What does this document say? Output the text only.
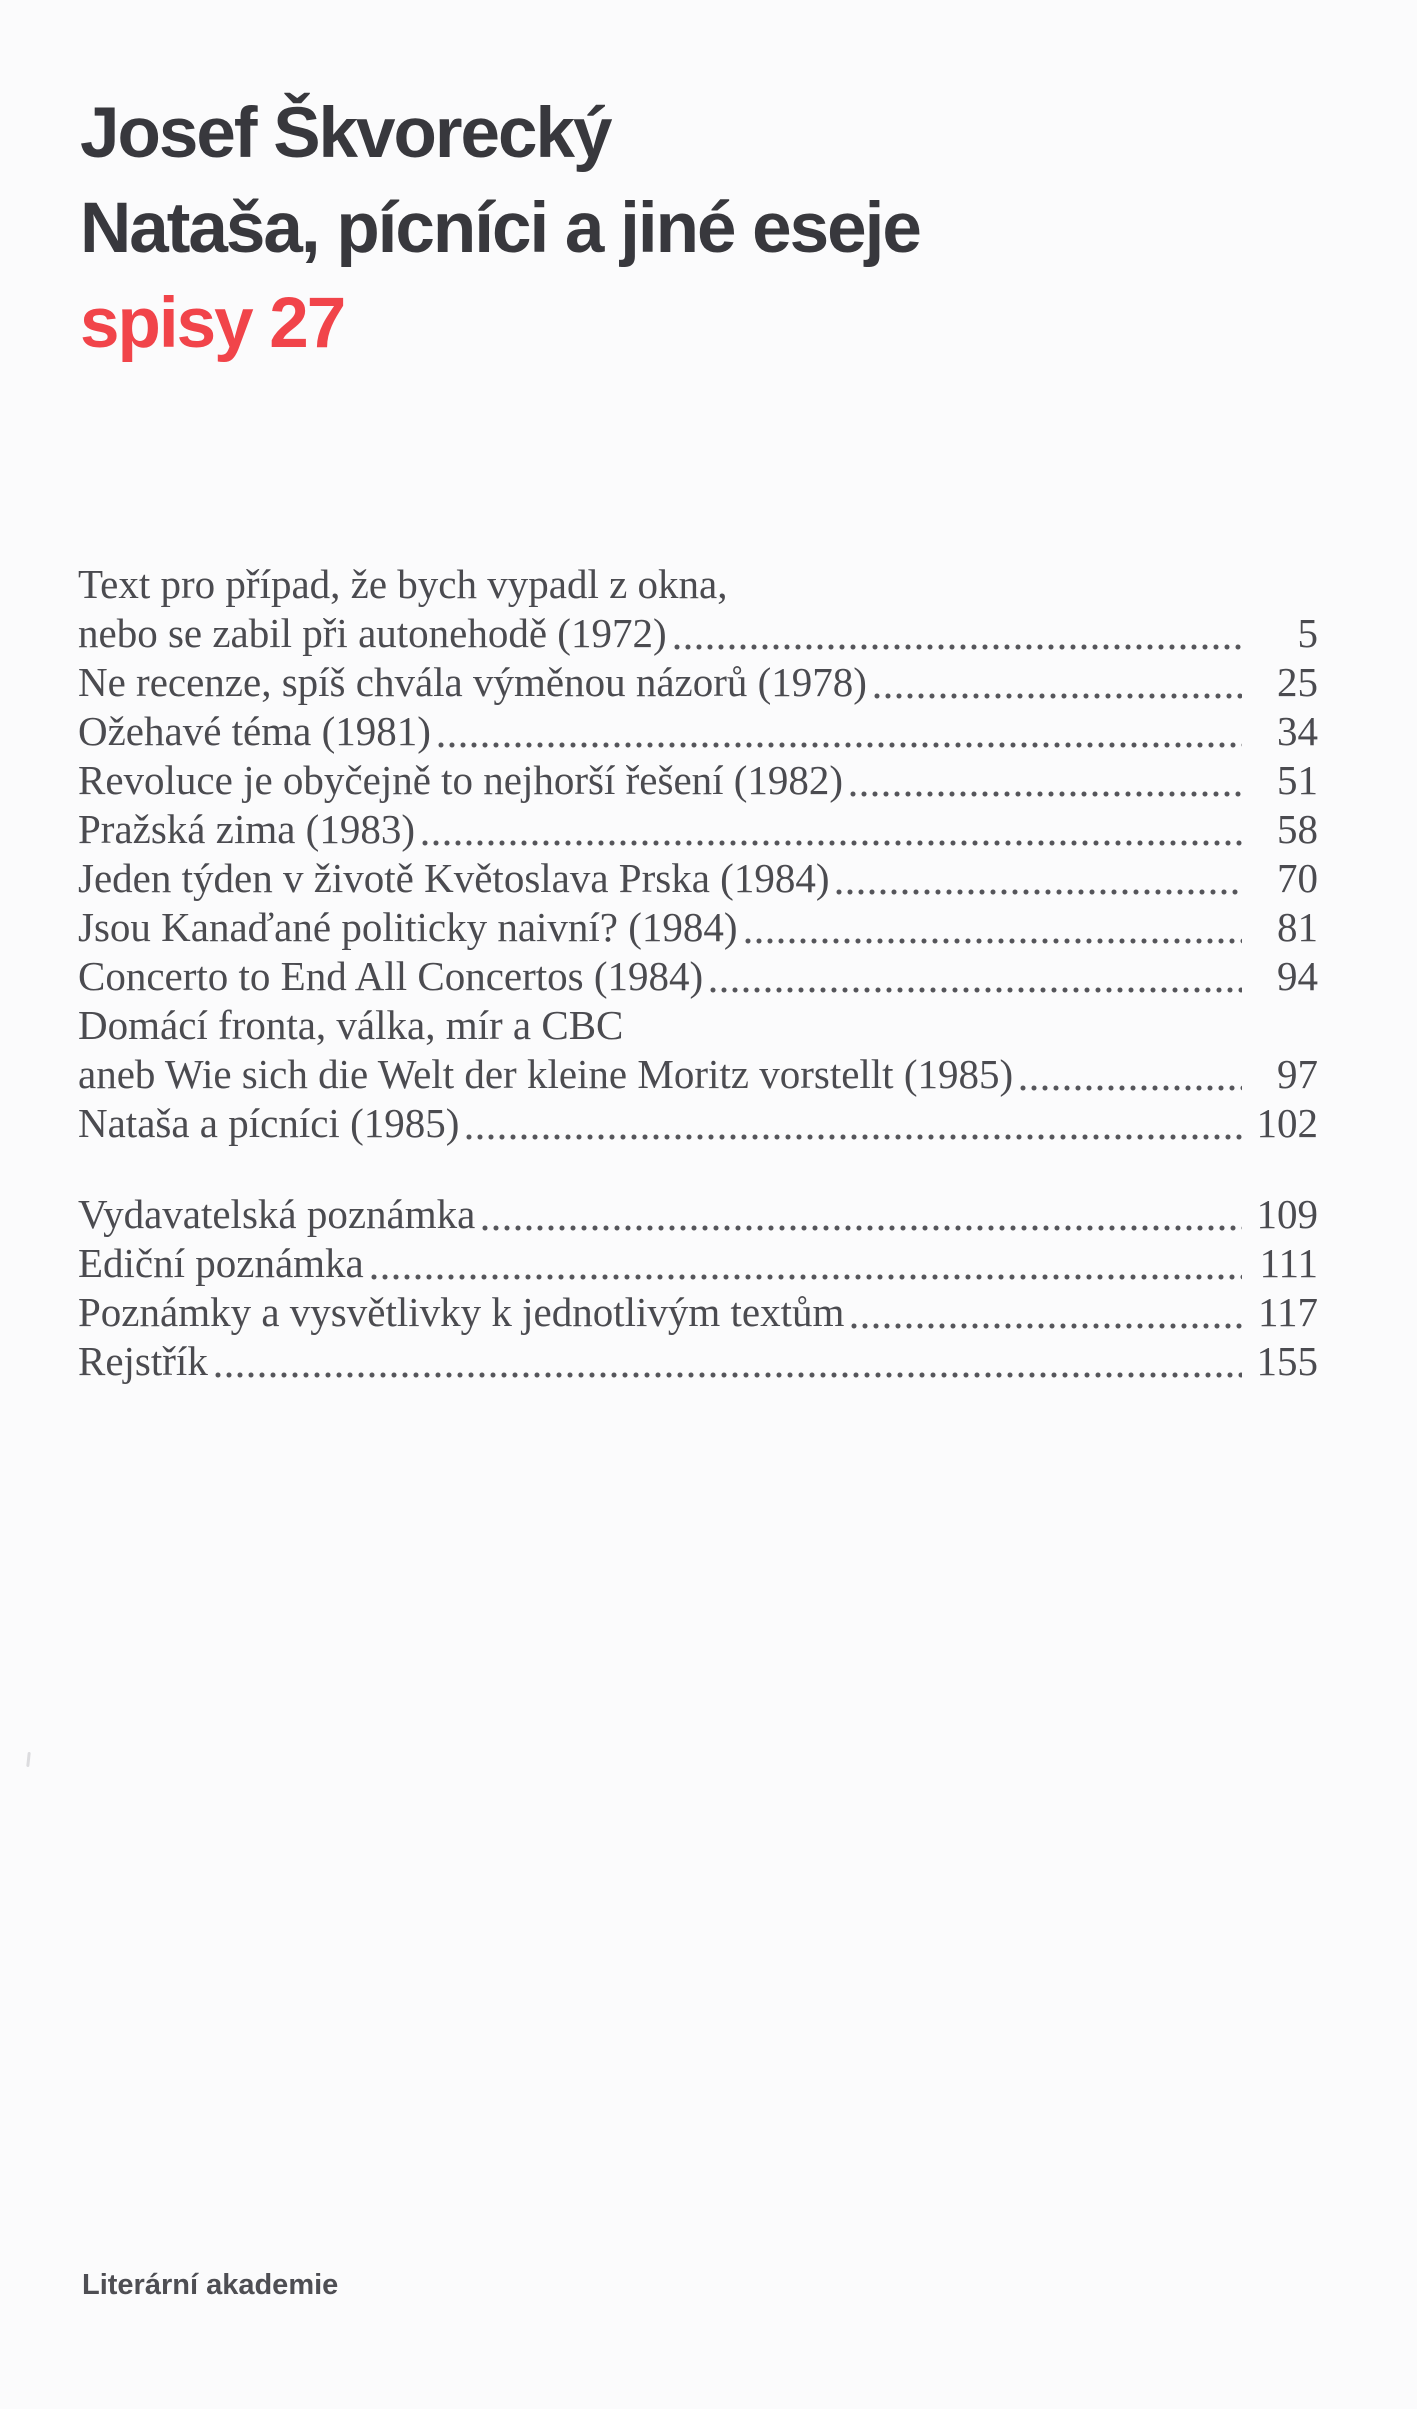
Josef Škvorecký
Nataša, pícníci a jiné eseje
spisy 27
Text pro případ, že bych vypadl z okna,
nebo se zabil při autonehodě (1972)	5
Ne recenze, spíš chvála výměnou názorů (1978)	25
Ožehavé téma (1981)	34
Revoluce je obyčejně to nejhorší řešení (1982)	51
Pražská zima (1983)	58
Jeden týden v životě Květoslava Prska (1984)	70
Jsou Kanaďané politicky naivní? (1984)	81
Concerto to End All Concertos (1984)	94
Domácí fronta, válka, mír a CBC
aneb Wie sich die Welt der kleine Moritz vorstellt (1985)	97
Nataša a pícníci (1985)	102
Vydavatelská poznámka	109
Ediční poznámka	111
Poznámky a vysvětlivky k jednotlivým textům	117
Rejstřík	155
Literární akademie
